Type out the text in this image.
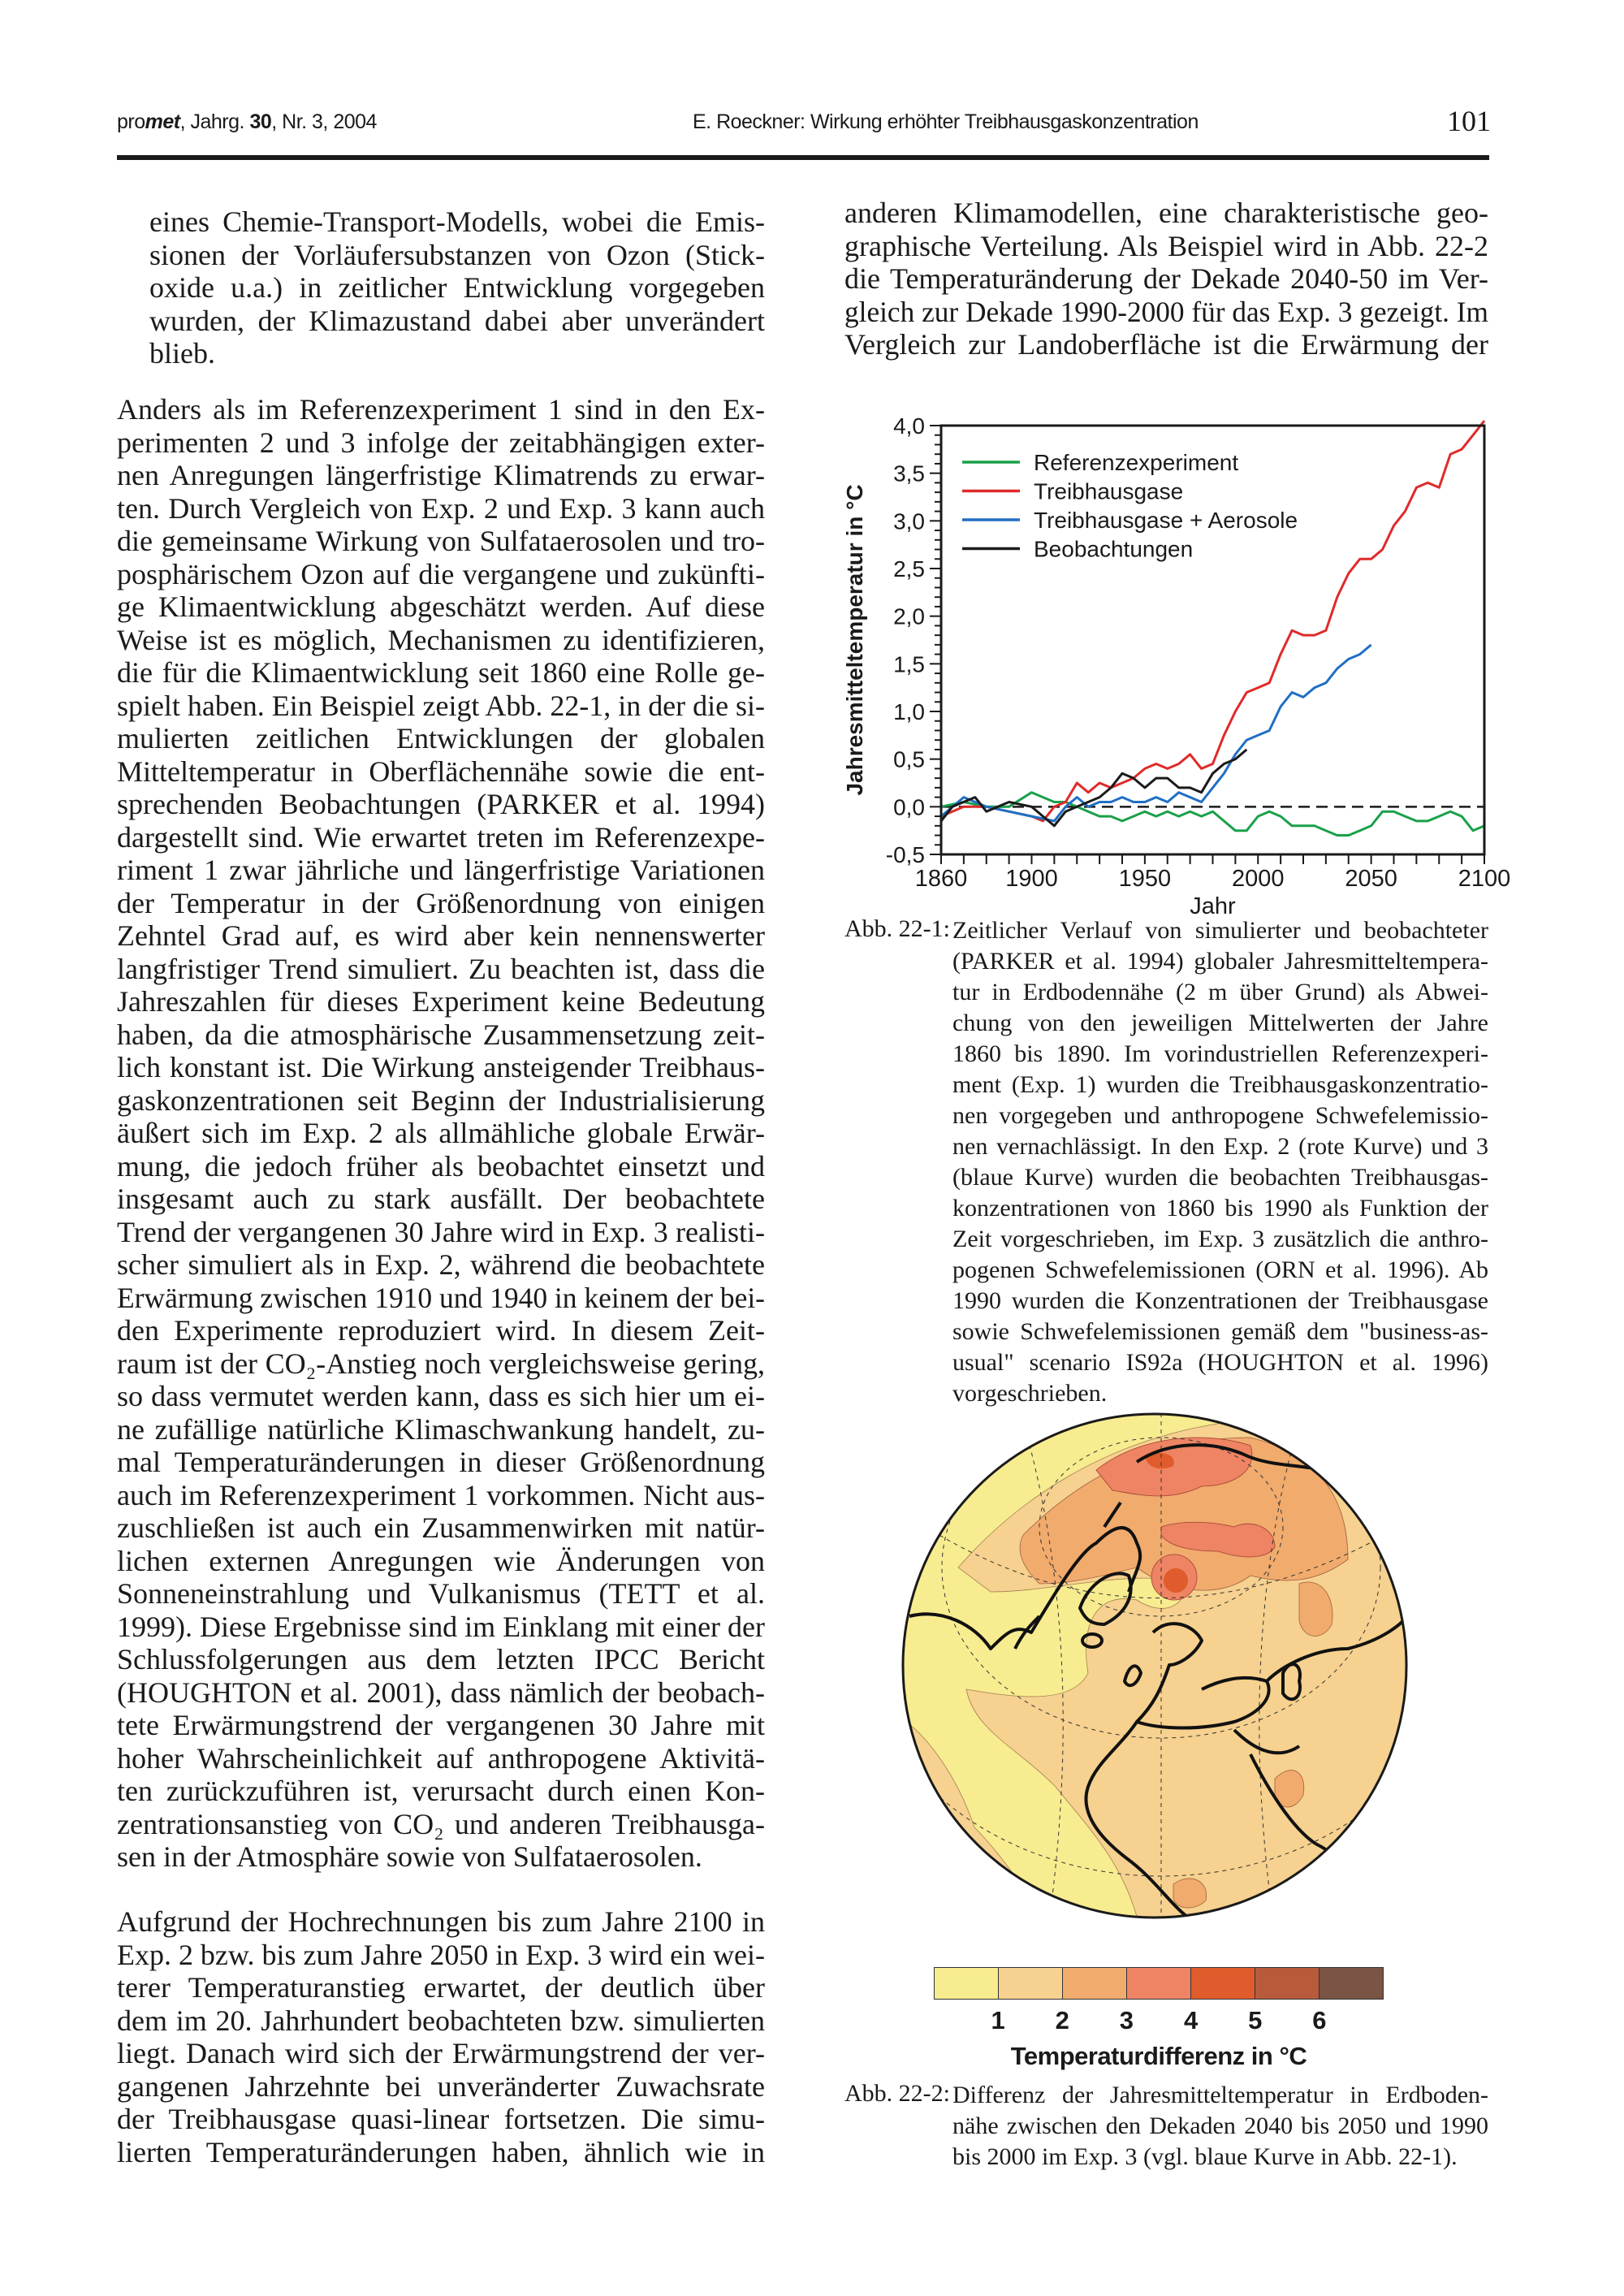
promet, Jahrg. 30, Nr. 3, 2004	E. Roeckner: Wirkung erhöhter Treibhausgaskonzentration	101
eines Chemie-Transport-Modells, wobei die Emis-
sionen der Vorläufersubstanzen von Ozon (Stick-
oxide u.a.) in zeitlicher Entwicklung vorgegeben
wurden, der Klimazustand dabei aber unverändert
blieb.
Anders als im Referenzexperiment 1 sind in den Ex-
perimenten 2 und 3 infolge der zeitabhängigen exter-
nen Anregungen längerfristige Klimatrends zu erwar-
ten. Durch Vergleich von Exp. 2 und Exp. 3 kann auch
die gemeinsame Wirkung von Sulfataerosolen und tro-
posphärischem Ozon auf die vergangene und zukünfti-
ge Klimaentwicklung abgeschätzt werden. Auf diese
Weise ist es möglich, Mechanismen zu identifizieren,
die für die Klimaentwicklung seit 1860 eine Rolle ge-
spielt haben. Ein Beispiel zeigt Abb. 22-1, in der die si-
mulierten zeitlichen Entwicklungen der globalen
Mitteltemperatur in Oberflächennähe sowie die ent-
sprechenden Beobachtungen (PARKER et al. 1994)
dargestellt sind. Wie erwartet treten im Referenzexpe-
riment 1 zwar jährliche und längerfristige Variationen
der Temperatur in der Größenordnung von einigen
Zehntel Grad auf, es wird aber kein nennenswerter
langfristiger Trend simuliert. Zu beachten ist, dass die
Jahreszahlen für dieses Experiment keine Bedeutung
haben, da die atmosphärische Zusammensetzung zeit-
lich konstant ist. Die Wirkung ansteigender Treibhaus-
gaskonzentrationen seit Beginn der Industrialisierung
äußert sich im Exp. 2 als allmähliche globale Erwär-
mung, die jedoch früher als beobachtet einsetzt und
insgesamt auch zu stark ausfällt. Der beobachtete
Trend der vergangenen 30 Jahre wird in Exp. 3 realisti-
scher simuliert als in Exp. 2, während die beobachtete
Erwärmung zwischen 1910 und 1940 in keinem der bei-
den Experimente reproduziert wird. In diesem Zeit-
raum ist der CO₂-Anstieg noch vergleichsweise gering,
so dass vermutet werden kann, dass es sich hier um ei-
ne zufällige natürliche Klimaschwankung handelt, zu-
mal Temperaturänderungen in dieser Größenordnung
auch im Referenzexperiment 1 vorkommen. Nicht aus-
zuschließen ist auch ein Zusammenwirken mit natür-
lichen externen Anregungen wie Änderungen von
Sonneneinstrahlung und Vulkanismus (TETT et al.
1999). Diese Ergebnisse sind im Einklang mit einer der
Schlussfolgerungen aus dem letzten IPCC Bericht
(HOUGHTON et al. 2001), dass nämlich der beobach-
tete Erwärmungstrend der vergangenen 30 Jahre mit
hoher Wahrscheinlichkeit auf anthropogene Aktivitä-
ten zurückzuführen ist, verursacht durch einen Kon-
zentrationsanstieg von CO₂ und anderen Treibhausga-
sen in der Atmosphäre sowie von Sulfataerosolen.
Aufgrund der Hochrechnungen bis zum Jahre 2100 in
Exp. 2 bzw. bis zum Jahre 2050 in Exp. 3 wird ein wei-
terer Temperaturanstieg erwartet, der deutlich über
dem im 20. Jahrhundert beobachteten bzw. simulierten
liegt. Danach wird sich der Erwärmungstrend der ver-
gangenen Jahrzehnte bei unveränderter Zuwachsrate
der Treibhausgase quasi-linear fortsetzen. Die simu-
lierten Temperaturänderungen haben, ähnlich wie in
anderen Klimamodellen, eine charakteristische geo-
graphische Verteilung. Als Beispiel wird in Abb. 22-2
die Temperaturänderung der Dekade 2040-50 im Ver-
gleich zur Dekade 1990-2000 für das Exp. 3 gezeigt. Im
Vergleich zur Landoberfläche ist die Erwärmung der
-0,5
0,0
0,5
1,0
1,5
2,0
2,5
3,0
3,5
4,0
1860 1900	1950	2000	2050	2100
Referenzexperiment
Treibhausgase
Treibhausgase + Aerosole
Beobachtungen
Jahr
Jahresmitteltemperatur in °C
Abb. 22-1: Zeitlicher Verlauf von simulierter und beobachteter
(PARKER et al. 1994) globaler Jahresmitteltempera-
tur in Erdbodennähe (2 m über Grund) als Abwei-
chung von den jeweiligen Mittelwerten der Jahre
1860 bis 1890. Im vorindustriellen Referenzexperi-
ment (Exp. 1) wurden die Treibhausgaskonzentratio-
nen vorgegeben und anthropogene Schwefelemissio-
nen vernachlässigt. In den Exp. 2 (rote Kurve) und 3
(blaue Kurve) wurden die beobachten Treibhausgas-
konzentrationen von 1860 bis 1990 als Funktion der
Zeit vorgeschrieben, im Exp. 3 zusätzlich die anthro-
pogenen Schwefelemissionen (ORN et al. 1996). Ab
1990 wurden die Konzentrationen der Treibhausgase
sowie Schwefelemissionen gemäß dem "business-as-
usual" scenario IS92a (HOUGHTON et al. 1996)
vorgeschrieben.
1	2	3	4	5	6
Temperaturdifferenz in °C
Abb. 22-2: Differenz der Jahresmitteltemperatur in Erdboden-
nähe zwischen den Dekaden 2040 bis 2050 und 1990
bis 2000 im Exp. 3 (vgl. blaue Kurve in Abb. 22-1).
